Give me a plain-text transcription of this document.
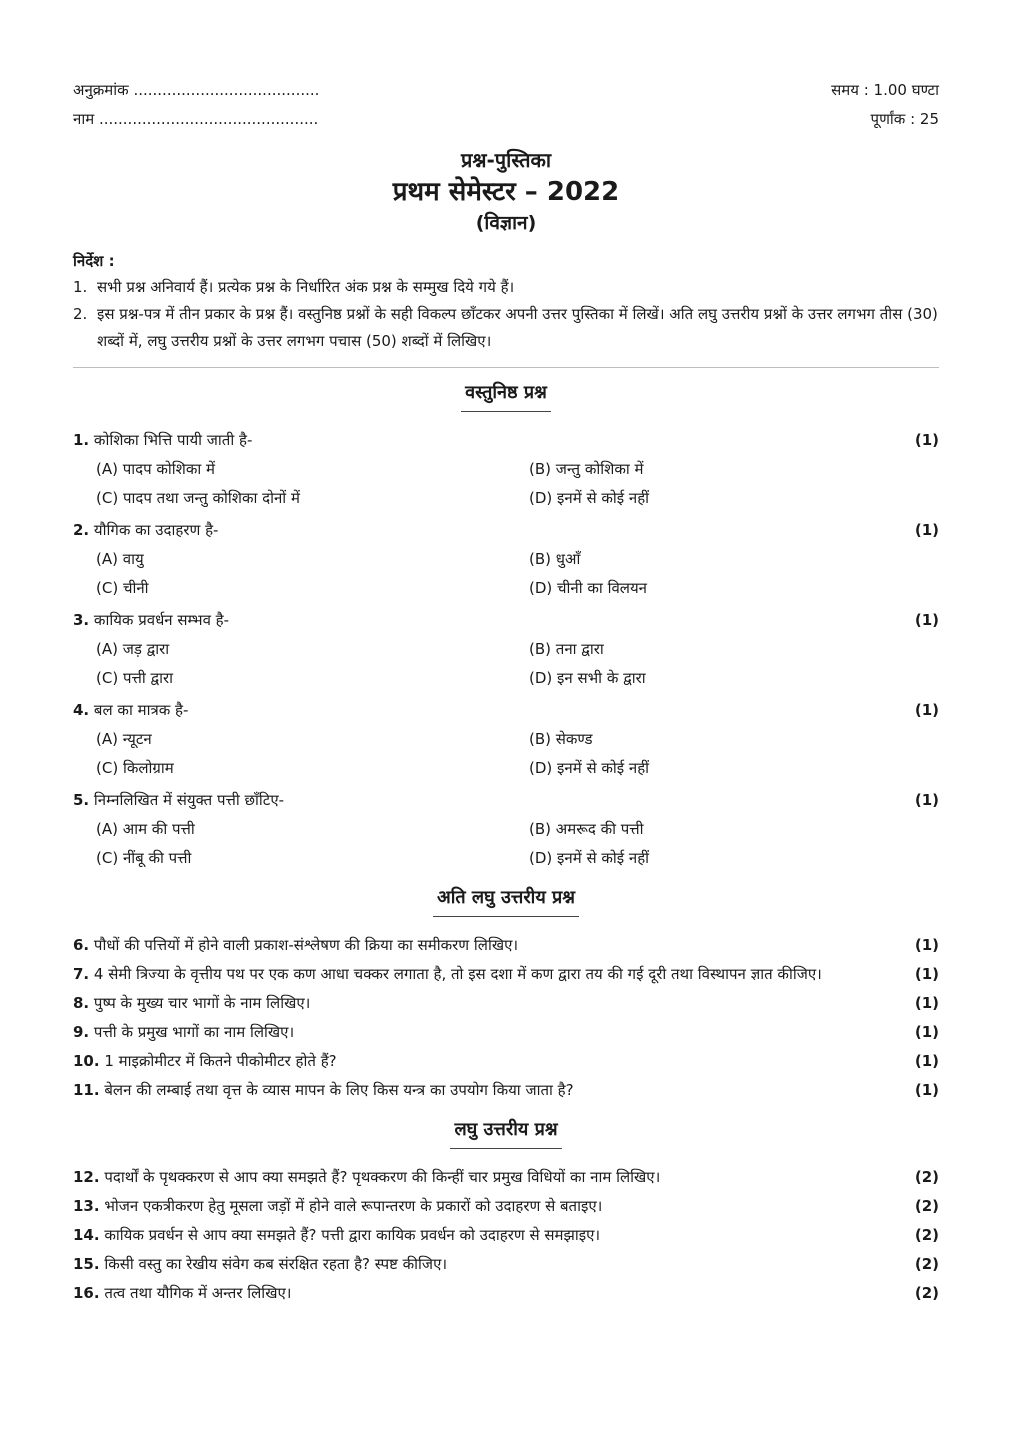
अनुक्रमांक .......................................	समय : 1.00 घण्टा
नाम ..............................................	पूर्णांक : 25
प्रश्न-पुस्तिका
प्रथम सेमेस्टर – 2022
(विज्ञान)
निर्देश :
1. सभी प्रश्न अनिवार्य हैं। प्रत्येक प्रश्न के निर्धारित अंक प्रश्न के सम्मुख दिये गये हैं।
2. इस प्रश्न-पत्र में तीन प्रकार के प्रश्न हैं। वस्तुनिष्ठ प्रश्नों के सही विकल्प छाँटकर अपनी उत्तर पुस्तिका में लिखें। अति लघु उत्तरीय प्रश्नों के उत्तर लगभग तीस (30) शब्दों में, लघु उत्तरीय प्रश्नों के उत्तर लगभग पचास (50) शब्दों में लिखिए।
वस्तुनिष्ठ प्रश्न
1. कोशिका भित्ति पायी जाती है-	(1)
(A) पादप कोशिका में	(B) जन्तु कोशिका में
(C) पादप तथा जन्तु कोशिका दोनों में	(D) इनमें से कोई नहीं
2. यौगिक का उदाहरण है-	(1)
(A) वायु	(B) धुआँ
(C) चीनी	(D) चीनी का विलयन
3. कायिक प्रवर्धन सम्भव है-	(1)
(A) जड़ द्वारा	(B) तना द्वारा
(C) पत्ती द्वारा	(D) इन सभी के द्वारा
4. बल का मात्रक है-	(1)
(A) न्यूटन	(B) सेकण्ड
(C) किलोग्राम	(D) इनमें से कोई नहीं
5. निम्नलिखित में संयुक्त पत्ती छाँटिए-	(1)
(A) आम की पत्ती	(B) अमरूद की पत्ती
(C) नींबू की पत्ती	(D) इनमें से कोई नहीं
अति लघु उत्तरीय प्रश्न
6. पौधों की पत्तियों में होने वाली प्रकाश-संश्लेषण की क्रिया का समीकरण लिखिए।	(1)
7. 4 सेमी त्रिज्या के वृत्तीय पथ पर एक कण आधा चक्कर लगाता है, तो इस दशा में कण द्वारा तय की गई दूरी तथा विस्थापन ज्ञात कीजिए।	(1)
8. पुष्प के मुख्य चार भागों के नाम लिखिए।	(1)
9. पत्ती के प्रमुख भागों का नाम लिखिए।	(1)
10. 1 माइक्रोमीटर में कितने पीकोमीटर होते हैं?	(1)
11. बेलन की लम्बाई तथा वृत्त के व्यास मापन के लिए किस यन्त्र का उपयोग किया जाता है?	(1)
लघु उत्तरीय प्रश्न
12. पदार्थों के पृथक्करण से आप क्या समझते हैं? पृथक्करण की किन्हीं चार प्रमुख विधियों का नाम लिखिए।	(2)
13. भोजन एकत्रीकरण हेतु मूसला जड़ों में होने वाले रूपान्तरण के प्रकारों को उदाहरण से बताइए।	(2)
14. कायिक प्रवर्धन से आप क्या समझते हैं? पत्ती द्वारा कायिक प्रवर्धन को उदाहरण से समझाइए।	(2)
15. किसी वस्तु का रेखीय संवेग कब संरक्षित रहता है? स्पष्ट कीजिए।	(2)
16. तत्व तथा यौगिक में अन्तर लिखिए।	(2)
